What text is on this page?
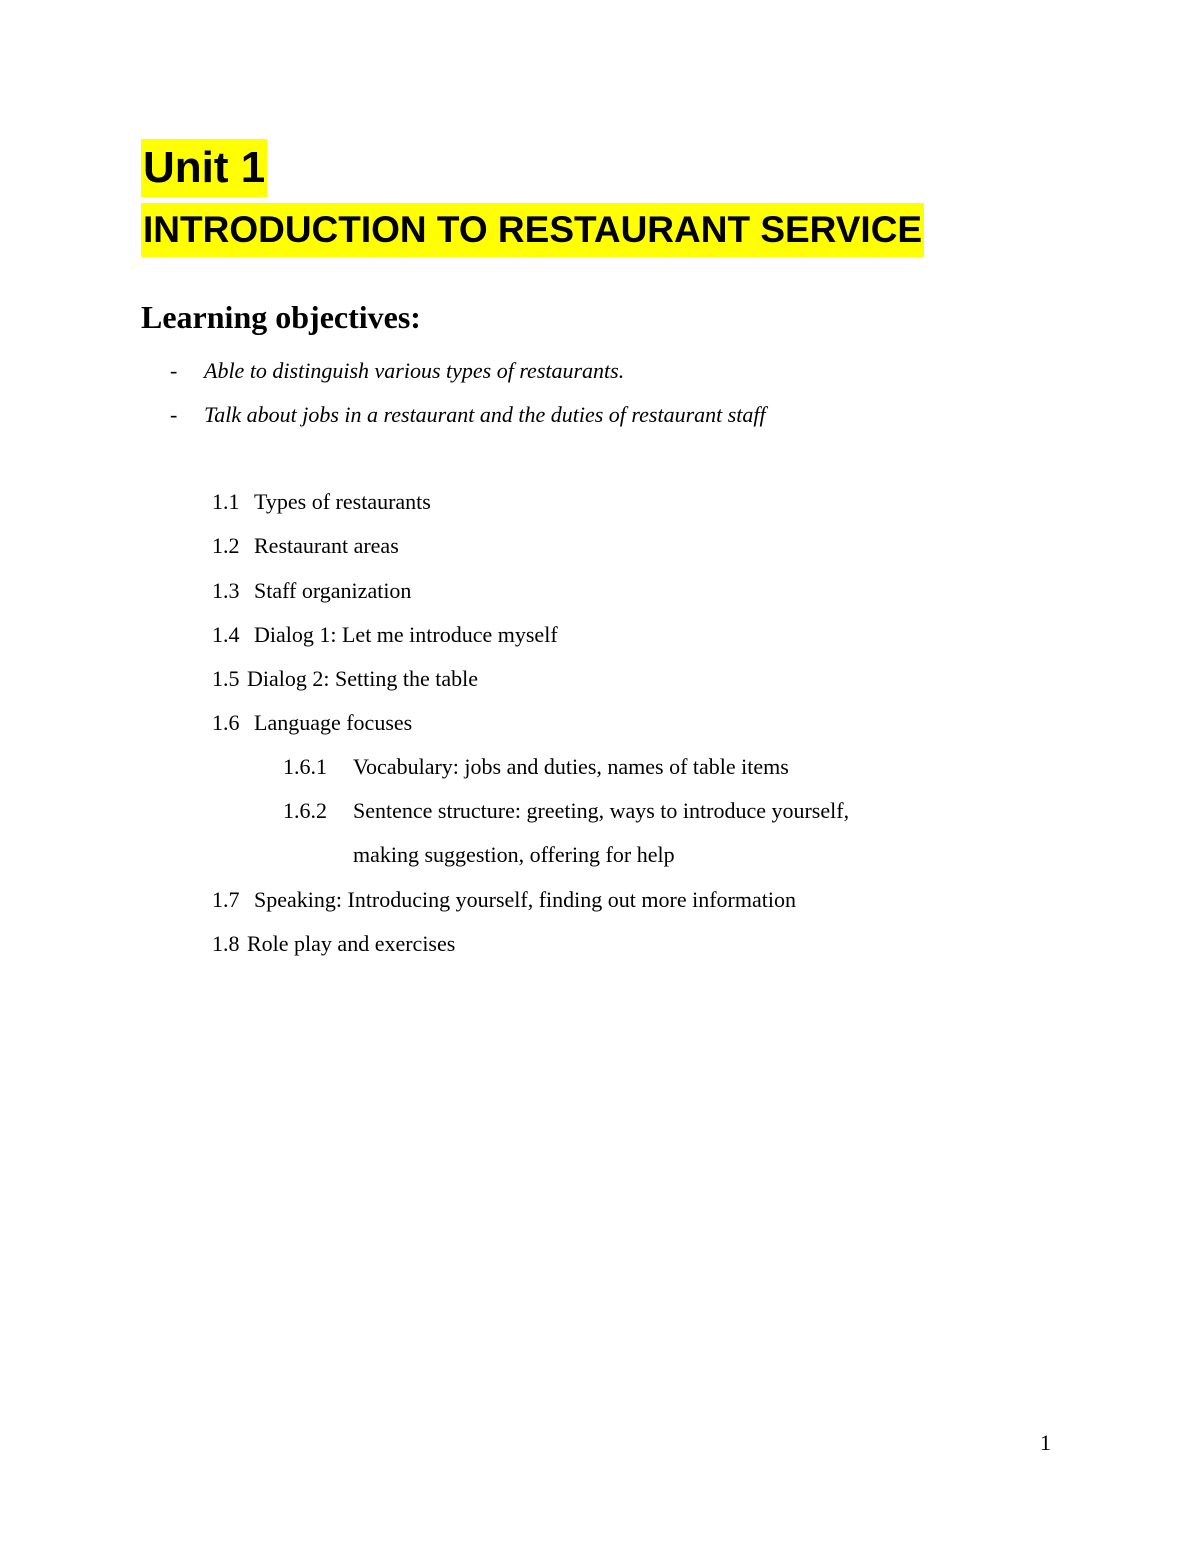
Unit 1
INTRODUCTION TO RESTAURANT SERVICE
Learning objectives:
- Able to distinguish various types of restaurants.
- Talk about jobs in a restaurant and the duties of restaurant staff
1.1 Types of restaurants
1.2 Restaurant areas
1.3 Staff organization
1.4 Dialog 1: Let me introduce myself
1.5 Dialog 2: Setting the table
1.6 Language focuses
1.6.1 Vocabulary: jobs and duties, names of table items
1.6.2 Sentence structure: greeting, ways to introduce yourself,
making suggestion, offering for help
1.7 Speaking: Introducing yourself, finding out more information
1.8 Role play and exercises
1
